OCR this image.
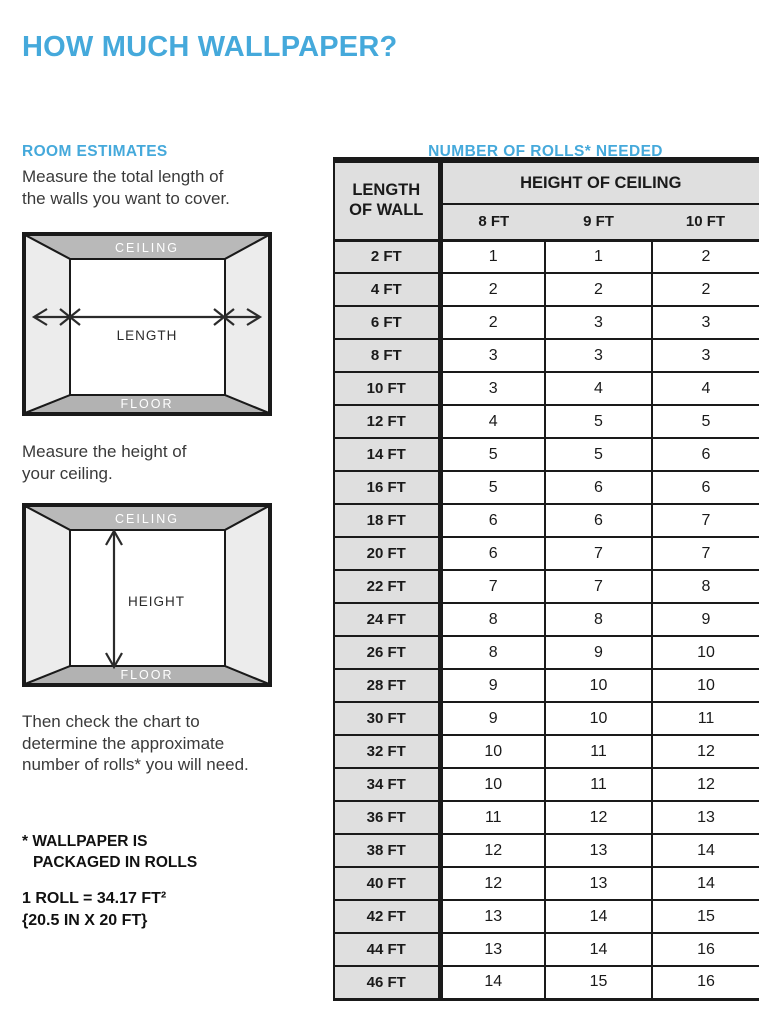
HOW MUCH WALLPAPER?
ROOM ESTIMATES
Measure the total length of
the walls you want to cover.
CEILING
FLOOR
LENGTH
Measure the height of
your ceiling.
CEILING
FLOOR
HEIGHT
Then check the chart to
determine the approximate
number of rolls* you will need.
* WALLPAPER IS
PACKAGED IN ROLLS
1 ROLL = 34.17 FT²
{20.5 IN X 20 FT}
NUMBER OF ROLLS* NEEDED
LENGTH
OF WALL	HEIGHT OF CEILING		
	8 FT	9 FT	10 FT
2 FT	1	1	2
4 FT	2	2	2
6 FT	2	3	3
8 FT	3	3	3
10 FT	3	4	4
12 FT	4	5	5
14 FT	5	5	6
16 FT	5	6	6
18 FT	6	6	7
20 FT	6	7	7
22 FT	7	7	8
24 FT	8	8	9
26 FT	8	9	10
28 FT	9	10	10
30 FT	9	10	11
32 FT	10	11	12
34 FT	10	11	12
36 FT	11	12	13
38 FT	12	13	14
40 FT	12	13	14
42 FT	13	14	15
44 FT	13	14	16
46 FT	14	15	16
